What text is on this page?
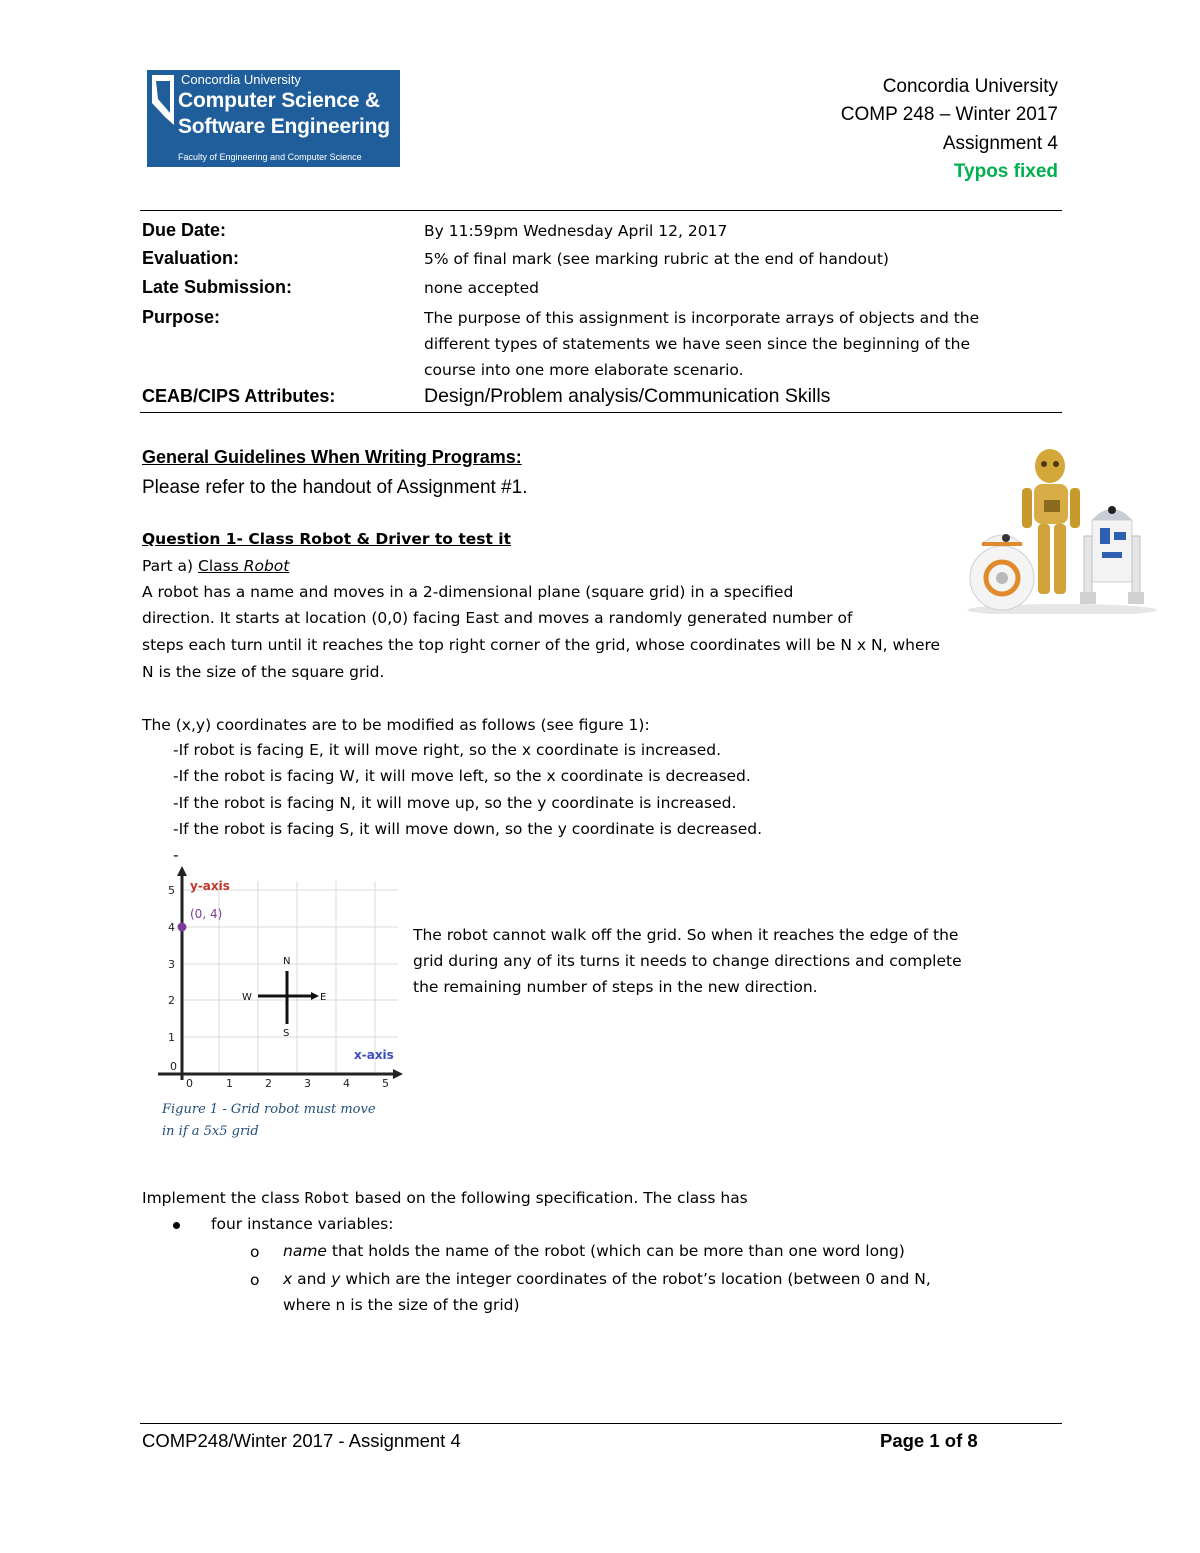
Concordia University
Computer Science &
Software Engineering
Faculty of Engineering and Computer Science
Concordia University
COMP 248 – Winter 2017
Assignment 4
Typos fixed
Due Date:	By 11:59pm Wednesday April 12, 2017
Evaluation:	5% of final mark (see marking rubric at the end of handout)
Late Submission:	none accepted
Purpose:	The purpose of this assignment is incorporate arrays of objects and the
different types of statements we have seen since the beginning of the
course into one more elaborate scenario.
CEAB/CIPS Attributes:	Design/Problem analysis/Communication Skills
General Guidelines When Writing Programs:
Please refer to the handout of Assignment #1.
Question 1- Class Robot & Driver to test it
Part a) Class Robot
A robot has a name and moves in a 2-dimensional plane (square grid) in a specified
direction. It starts at location (0,0) facing East and moves a randomly generated number of
steps each turn until it reaches the top right corner of the grid, whose coordinates will be N x N, where
N is the size of the square grid.
The (x,y) coordinates are to be modified as follows (see figure 1):
-If robot is facing E, it will move right, so the x coordinate is increased.
-If the robot is facing W, it will move left, so the x coordinate is decreased.
-If the robot is facing N, it will move up, so the y coordinate is increased.
-If the robot is facing S, it will move down, so the y coordinate is decreased.
-
5
4
3
2
1
0
0	1	2	3	4	5
y-axis
x-axis
(0, 4)
N
S
E
W
Figure 1 - Grid robot must move
in if a 5x5 grid
The robot cannot walk off the grid. So when it reaches the edge of the
grid during any of its turns it needs to change directions and complete
the remaining number of steps in the new direction.
Implement the class Robot based on the following specification. The class has
four instance variables:
o name that holds the name of the robot (which can be more than one word long)
o x and y which are the integer coordinates of the robot’s location (between 0 and N,
where n is the size of the grid)
COMP248/Winter 2017 - Assignment 4	Page 1 of 8
